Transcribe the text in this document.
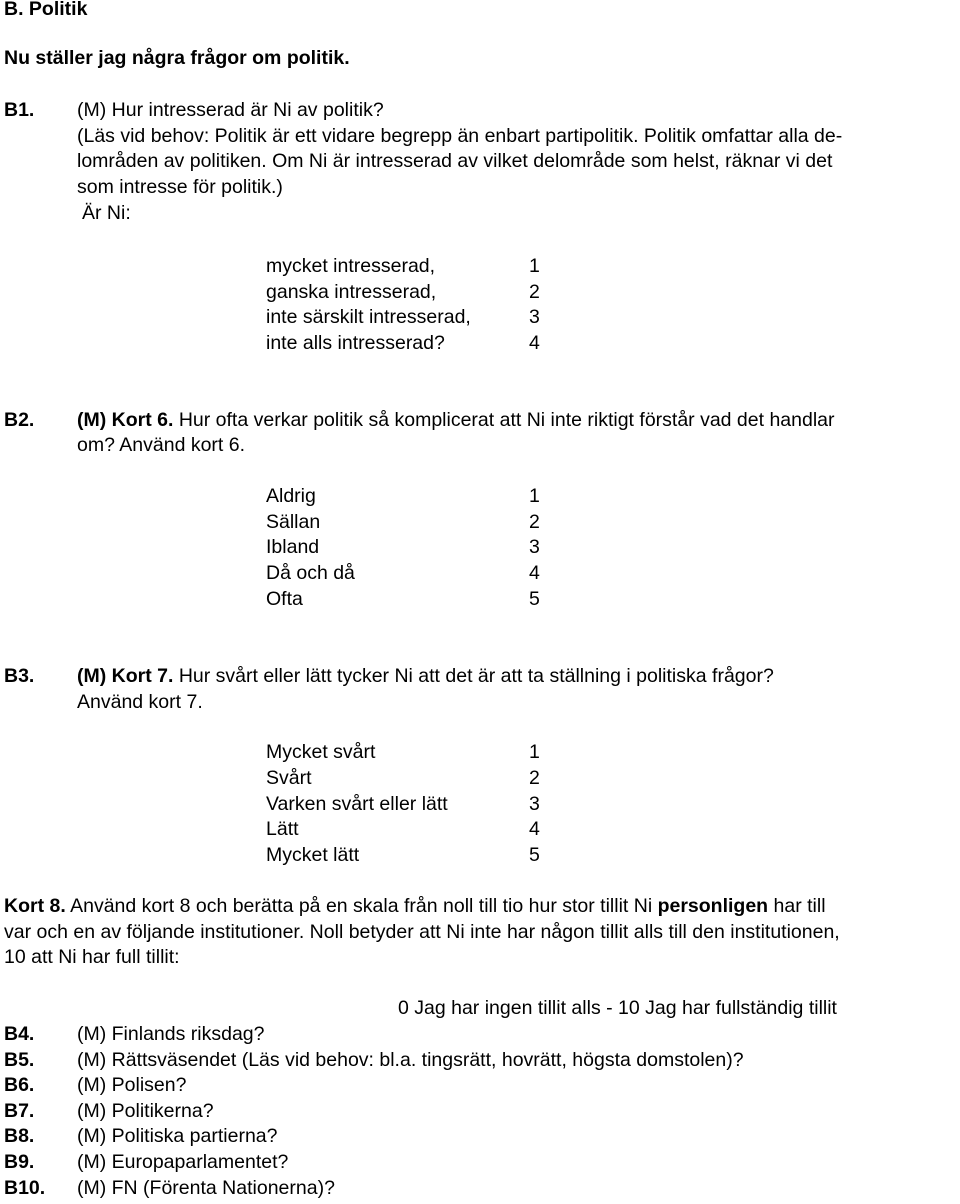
B. Politik
Nu ställer jag några frågor om politik.
B1. (M) Hur intresserad är Ni av politik?
(Läs vid behov: Politik är ett vidare begrepp än enbart partipolitik. Politik omfattar alla de-
lområden av politiken. Om Ni är intresserad av vilket delområde som helst, räknar vi det
som intresse för politik.)
Är Ni:
mycket intresserad,	1
ganska intresserad,	2
inte särskilt intresserad,	3
inte alls intresserad?	4
B2. (M) Kort 6. Hur ofta verkar politik så komplicerat att Ni inte riktigt förstår vad det handlar
om? Använd kort 6.
Aldrig	1
Sällan	2
Ibland	3
Då och då	4
Ofta	5
B3. (M) Kort 7. Hur svårt eller lätt tycker Ni att det är att ta ställning i politiska frågor?
Använd kort 7.
Mycket svårt	1
Svårt	2
Varken svårt eller lätt	3
Lätt	4
Mycket lätt	5
Kort 8. Använd kort 8 och berätta på en skala från noll till tio hur stor tillit Ni personligen har till
var och en av följande institutioner. Noll betyder att Ni inte har någon tillit alls till den institutionen,
10 att Ni har full tillit:
0 Jag har ingen tillit alls - 10 Jag har fullständig tillit
B4. (M) Finlands riksdag?
B5. (M) Rättsväsendet (Läs vid behov: bl.a. tingsrätt, hovrätt, högsta domstolen)?
B6. (M) Polisen?
B7. (M) Politikerna?
B8. (M) Politiska partierna?
B9. (M) Europaparlamentet?
B10. (M) FN (Förenta Nationerna)?
